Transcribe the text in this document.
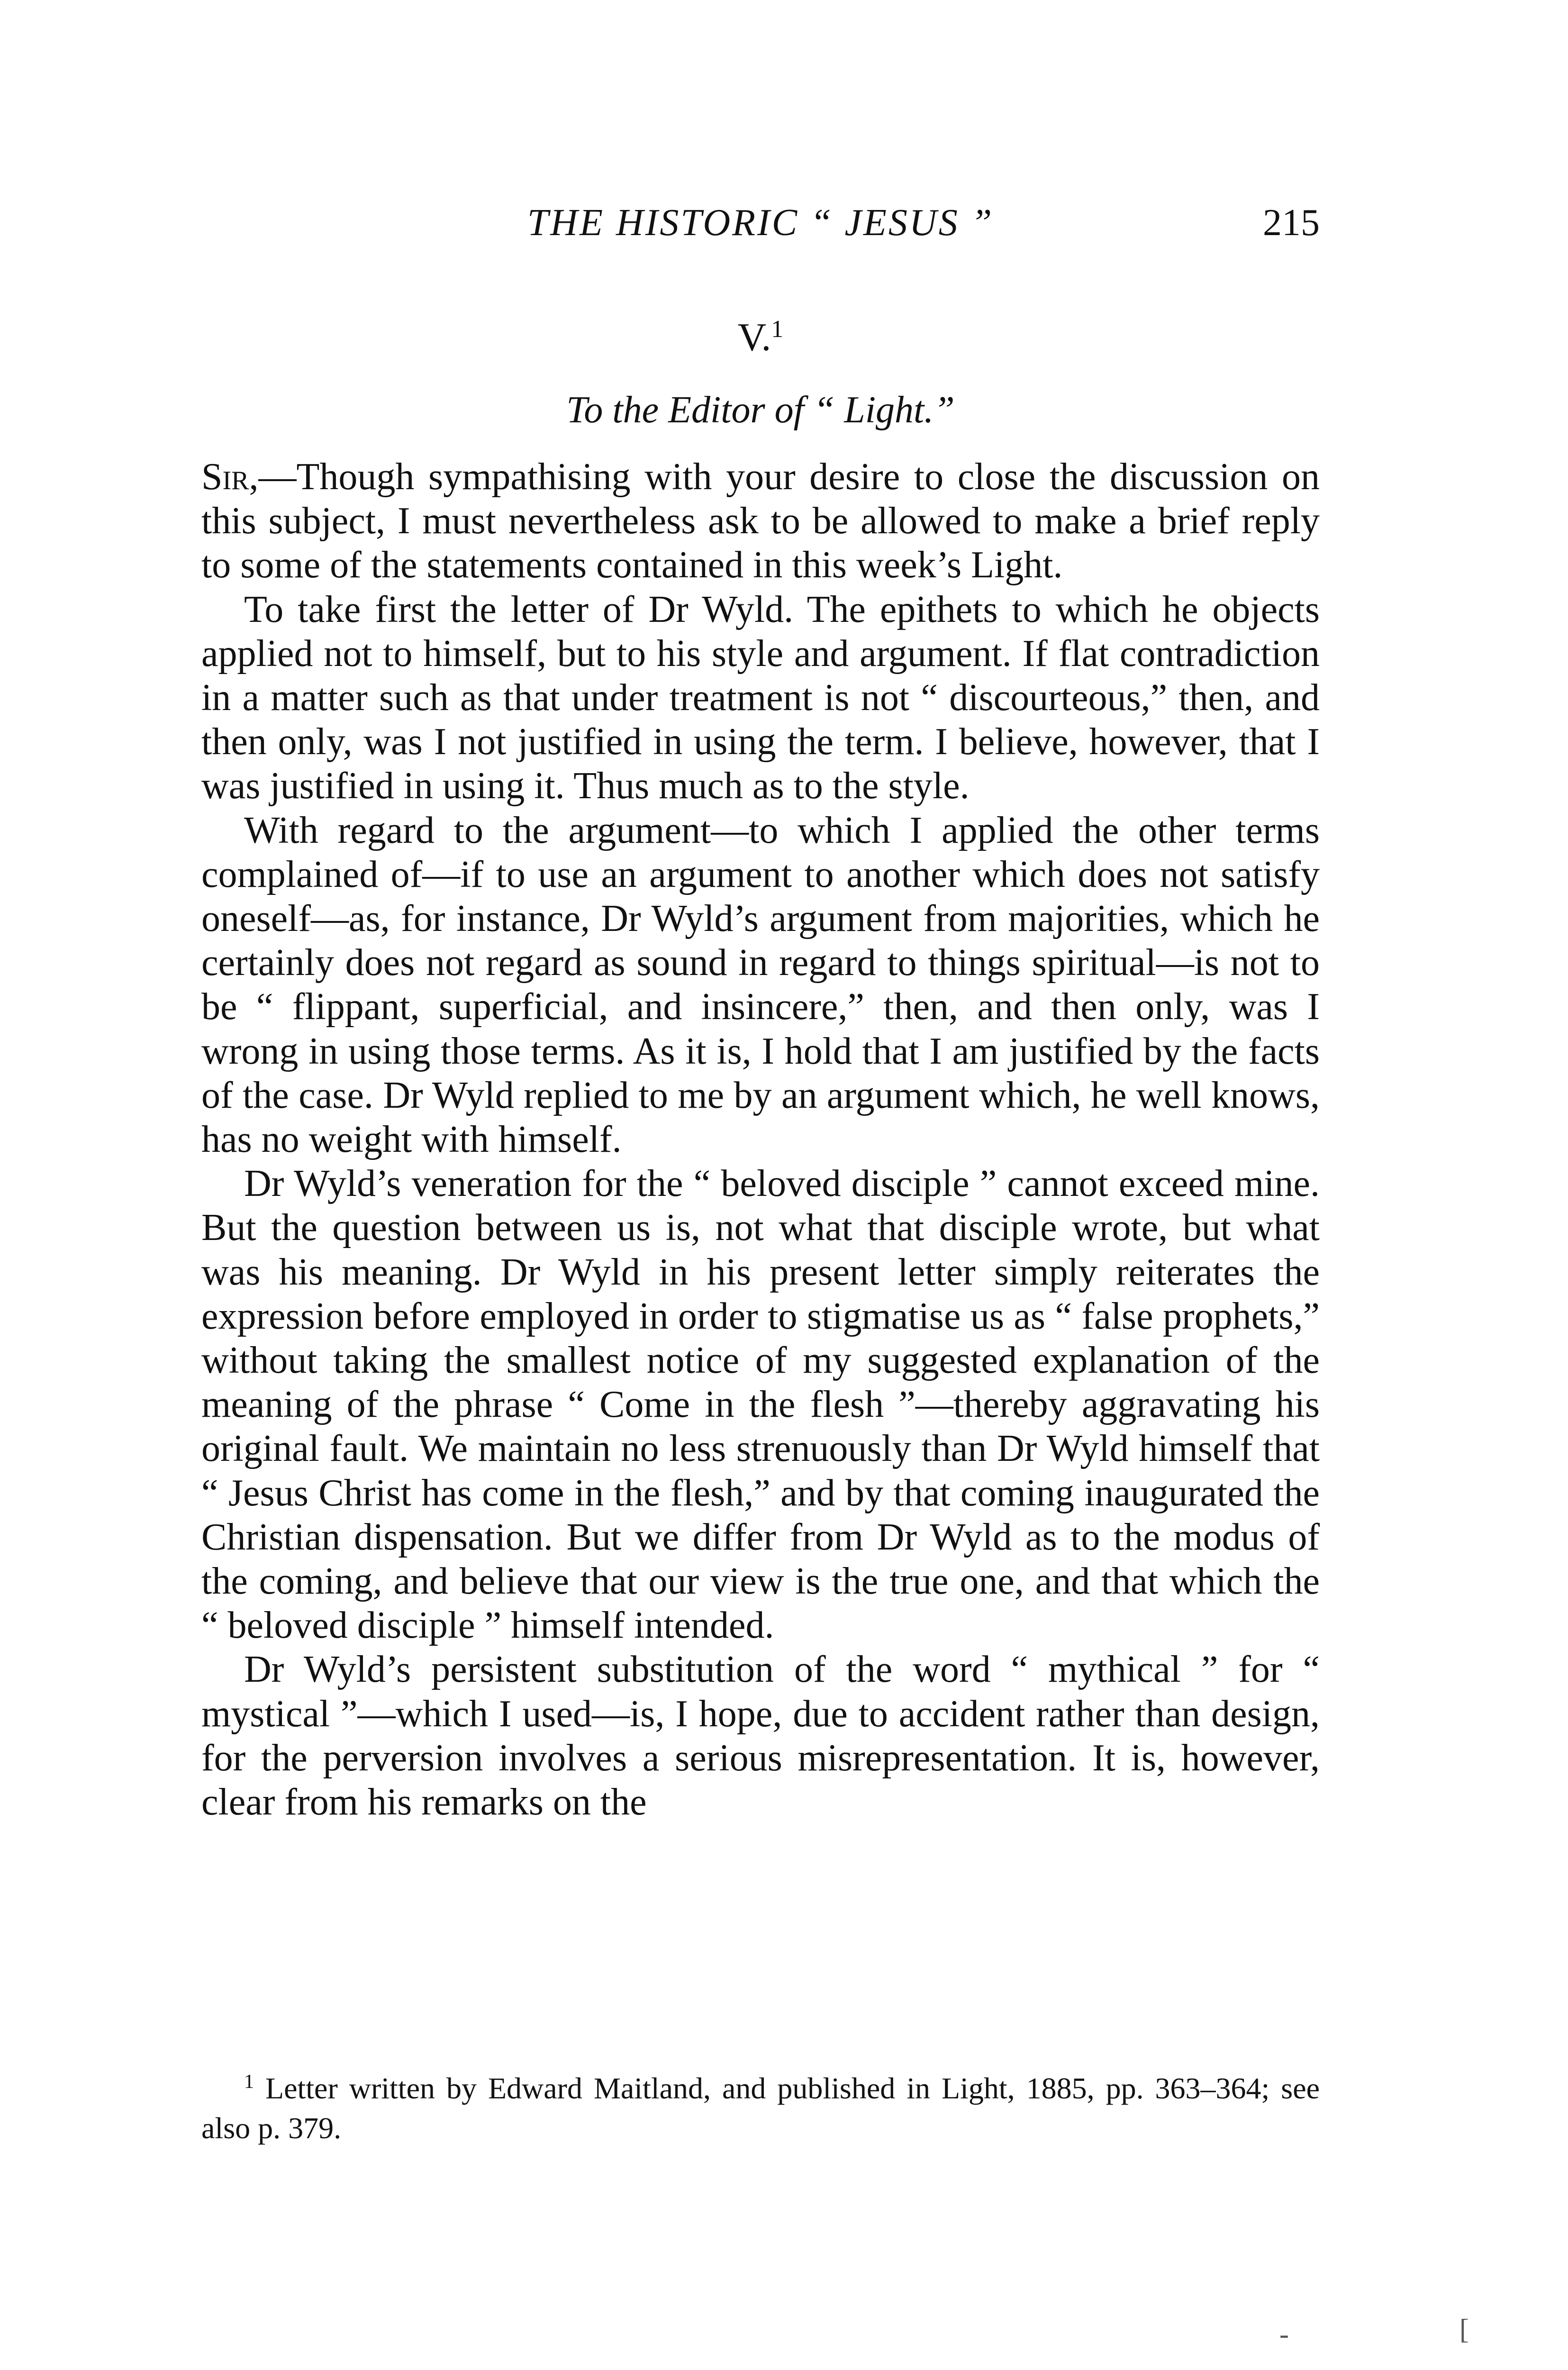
THE HISTORIC “ JESUS ”	215
V.$^1$
To the Editor of “ Light.”

Sir,—Though sympathising with your desire to close the discussion on this subject, I must nevertheless ask to be allowed to make a brief reply to some of the statements contained in this week’s Light.

To take first the letter of Dr Wyld. The epithets to which he objects applied not to himself, but to his style and argument. If flat contradiction in a matter such as that under treatment is not “ discourteous,” then, and then only, was I not justified in using the term. I believe, however, that I was justified in using it. Thus much as to the style.

With regard to the argument—to which I applied the other terms complained of—if to use an argument to another which does not satisfy oneself—as, for instance, Dr Wyld’s argument from majorities, which he certainly does not regard as sound in regard to things spiritual—is not to be “ flippant, superficial, and insincere,” then, and then only, was I wrong in using those terms. As it is, I hold that I am justified by the facts of the case. Dr Wyld replied to me by an argument which, he well knows, has no weight with himself.

Dr Wyld’s veneration for the “ beloved disciple ” cannot exceed mine. But the question between us is, not what that disciple wrote, but what was his meaning. Dr Wyld in his present letter simply reiterates the expression before employed in order to stigmatise us as “ false prophets,” without taking the smallest notice of my suggested explanation of the meaning of the phrase “ Come in the flesh ”—thereby aggravating his original fault. We maintain no less strenuously than Dr Wyld himself that “ Jesus Christ has come in the flesh,” and by that coming inaugurated the Christian dispensation. But we differ from Dr Wyld as to the modus of the coming, and believe that our view is the true one, and that which the “ beloved disciple ” himself intended.

Dr Wyld’s persistent substitution of the word “ mythical ” for “ mystical ”—which I used—is, I hope, due to accident rather than design, for the perversion involves a serious misrepresentation. It is, however, clear from his remarks on the

$^1$ Letter written by Edward Maitland, and published in Light, 1885, pp. 363–364; see also p. 379.
[
-
